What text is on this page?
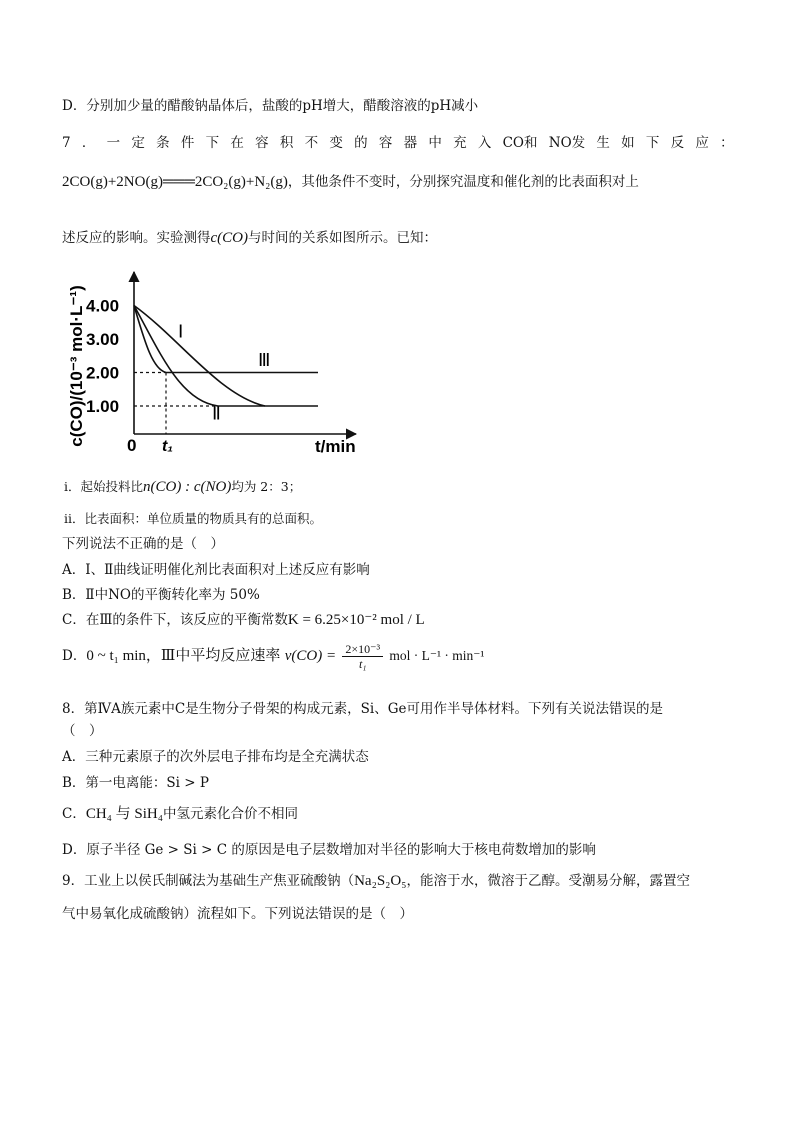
D．分别加少量的醋酸钠晶体后，盐酸的pH增大，醋酸溶液的pH减小
7 ． 一 定 条 件 下 在 容 积 不 变 的 容 器 中 充 入 CO和 NO发 生 如 下 反 应 ：
2CO(g)+2NO(g)═══2CO₂(g)+N₂(g)，其他条件不变时，分别探究温度和催化剂的比表面积对上
述反应的影响。实验测得c(CO)与时间的关系如图所示。已知：
c(CO)/(10⁻³ mol·L⁻¹)	t/min
0 t₁
4.00
3.00
2.00
1.00
Ⅰ
Ⅱ
Ⅲ
ⅰ．起始投料比n(CO) : c(NO)均为 2：3；
ⅱ．比表面积：单位质量的物质具有的总面积。
下列说法不正确的是（　）
A．Ⅰ、Ⅱ曲线证明催化剂比表面积对上述反应有影响
B．Ⅱ中NO的平衡转化率为 50%
C．在Ⅲ的条件下，该反应的平衡常数K = 6.25×10⁻² mol / L
D．0 ~ t₁ min，Ⅲ中平均反应速率 $v(CO) = \frac{\text{2×10⁻³}}{\text{t₁}}$ mol · L⁻¹ · min⁻¹
8．第ⅣA族元素中C是生物分子骨架的构成元素，Si、Ge可用作半导体材料。下列有关说法错误的是
（　）
A．三种元素原子的次外层电子排布均是全充满状态
B．第一电离能：Si > P
C．CH₄ 与 SiH₄中氢元素化合价不相同
D．原子半径 Ge > Si > C 的原因是电子层数增加对半径的影响大于核电荷数增加的影响
9．工业上以侯氏制碱法为基础生产焦亚硫酸钠（Na₂S₂O₅，能溶于水，微溶于乙醇。受潮易分解，露置空
气中易氧化成硫酸钠）流程如下。下列说法错误的是（　）
